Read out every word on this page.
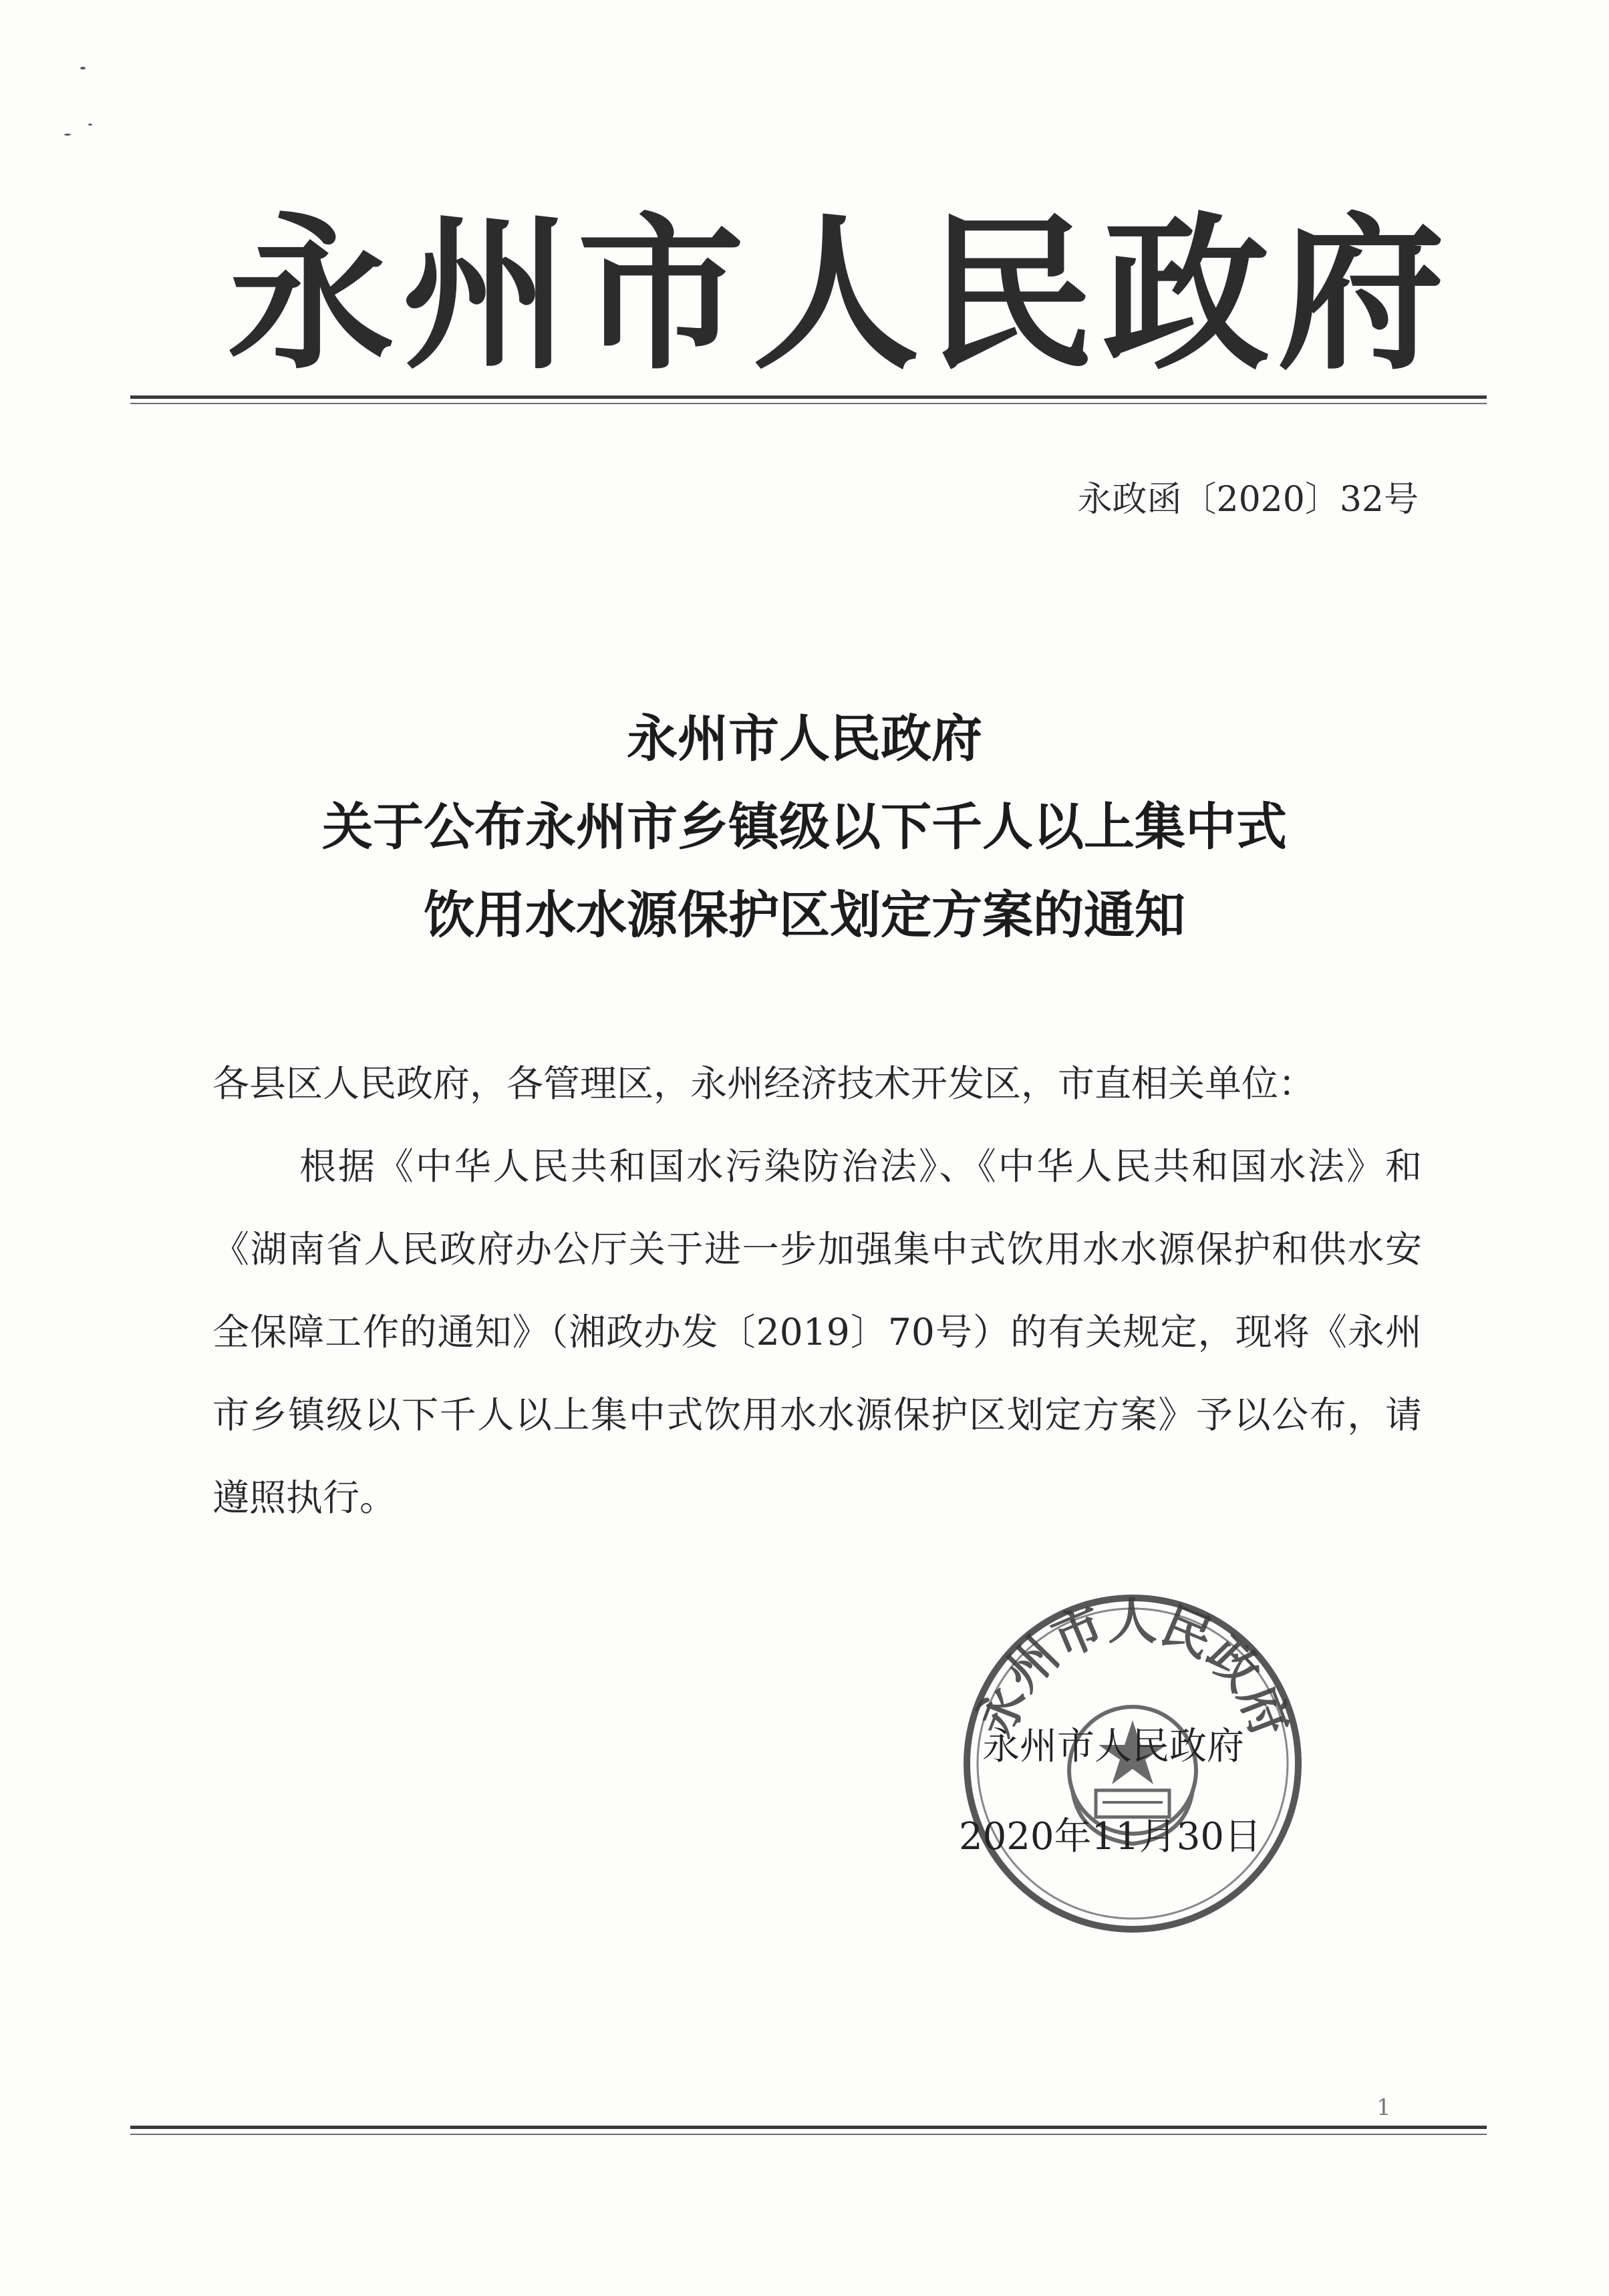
永州市人民政府
永政函〔2020〕32号
永州市人民政府
关于公布永州市乡镇级以下千人以上集中式
饮用水水源保护区划定方案的通知
各县区人民政府，各管理区，永州经济技术开发区，市直相关单位：
根据《中华人民共和国水污染防治法》、《中华人民共和国水法》和《湖南省人民政府办公厅关于进一步加强集中式饮用水水源保护和供水安全保障工作的通知》（湘政办发〔2019〕70号）的有关规定，现将《永州市乡镇级以下千人以上集中式饮用水水源保护区划定方案》予以公布，请遵照执行。
永州市人民政府
永州市人民政府
2020年11月30日
1
